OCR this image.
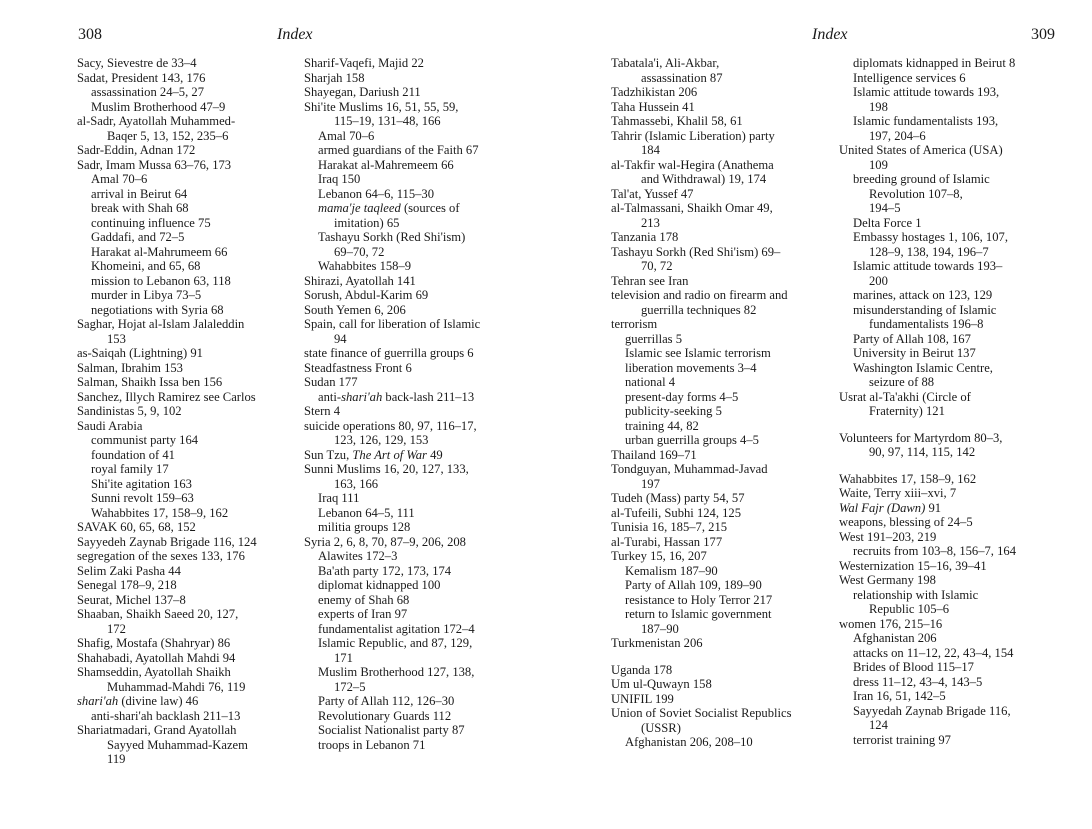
308	Index	Index	309
Sacy, Sievestre de 33–4
Sadat, President 143, 176
assassination 24–5, 27
Muslim Brotherhood 47–9
al-Sadr, Ayatollah Muhammed-
Baqer 5, 13, 152, 235–6
Sadr-Eddin, Adnan 172
Sadr, Imam Mussa 63–76, 173
Amal 70–6
arrival in Beirut 64
break with Shah 68
continuing influence 75
Gaddafi, and 72–5
Harakat al-Mahrumeem 66
Khomeini, and 65, 68
mission to Lebanon 63, 118
murder in Libya 73–5
negotiations with Syria 68
Saghar, Hojat al-Islam Jalaleddin
153
as-Saiqah (Lightning) 91
Salman, Ibrahim 153
Salman, Shaikh Issa ben 156
Sanchez, Illych Ramirez see Carlos
Sandinistas 5, 9, 102
Saudi Arabia
communist party 164
foundation of 41
royal family 17
Shi'ite agitation 163
Sunni revolt 159–63
Wahabbites 17, 158–9, 162
SAVAK 60, 65, 68, 152
Sayyedeh Zaynab Brigade 116, 124
segregation of the sexes 133, 176
Selim Zaki Pasha 44
Senegal 178–9, 218
Seurat, Michel 137–8
Shaaban, Shaikh Saeed 20, 127,
172
Shafig, Mostafa (Shahryar) 86
Shahabadi, Ayatollah Mahdi 94
Shamseddin, Ayatollah Shaikh
Muhammad-Mahdi 76, 119
shari'ah (divine law) 46
anti-shari'ah backlash 211–13
Shariatmadari, Grand Ayatollah
Sayyed Muhammad-Kazem
119
Sharif-Vaqefi, Majid 22
Sharjah 158
Shayegan, Dariush 211
Shi'ite Muslims 16, 51, 55, 59,
115–19, 131–48, 166
Amal 70–6
armed guardians of the Faith 67
Harakat al-Mahremeem 66
Iraq 150
Lebanon 64–6, 115–30
mama'je taqleed (sources of
imitation) 65
Tashayu Sorkh (Red Shi'ism)
69–70, 72
Wahabbites 158–9
Shirazi, Ayatollah 141
Sorush, Abdul-Karim 69
South Yemen 6, 206
Spain, call for liberation of Islamic
94
state finance of guerrilla groups 6
Steadfastness Front 6
Sudan 177
anti-shari'ah back-lash 211–13
Stern 4
suicide operations 80, 97, 116–17,
123, 126, 129, 153
Sun Tzu, The Art of War 49
Sunni Muslims 16, 20, 127, 133,
163, 166
Iraq 111
Lebanon 64–5, 111
militia groups 128
Syria 2, 6, 8, 70, 87–9, 206, 208
Alawites 172–3
Ba'ath party 172, 173, 174
diplomat kidnapped 100
enemy of Shah 68
experts of Iran 97
fundamentalist agitation 172–4
Islamic Republic, and 87, 129,
171
Muslim Brotherhood 127, 138,
172–5
Party of Allah 112, 126–30
Revolutionary Guards 112
Socialist Nationalist party 87
troops in Lebanon 71
Tabatala'i, Ali-Akbar,
assassination 87
Tadzhikistan 206
Taha Hussein 41
Tahmassebi, Khalil 58, 61
Tahrir (Islamic Liberation) party
184
al-Takfir wal-Hegira (Anathema
and Withdrawal) 19, 174
Tal'at, Yussef 47
al-Talmassani, Shaikh Omar 49,
213
Tanzania 178
Tashayu Sorkh (Red Shi'ism) 69–
70, 72
Tehran see Iran
television and radio on firearm and
guerrilla techniques 82
terrorism
guerrillas 5
Islamic see Islamic terrorism
liberation movements 3–4
national 4
present-day forms 4–5
publicity-seeking 5
training 44, 82
urban guerrilla groups 4–5
Thailand 169–71
Tondguyan, Muhammad-Javad
197
Tudeh (Mass) party 54, 57
al-Tufeili, Subhi 124, 125
Tunisia 16, 185–7, 215
al-Turabi, Hassan 177
Turkey 15, 16, 207
Kemalism 187–90
Party of Allah 109, 189–90
resistance to Holy Terror 217
return to Islamic government
187–90
Turkmenistan 206
Uganda 178
Um ul-Quwayn 158
UNIFIL 199
Union of Soviet Socialist Republics
(USSR)
Afghanistan 206, 208–10
diplomats kidnapped in Beirut 8
Intelligence services 6
Islamic attitude towards 193,
198
Islamic fundamentalists 193,
197, 204–6
United States of America (USA)
109
breeding ground of Islamic
Revolution 107–8,
194–5
Delta Force 1
Embassy hostages 1, 106, 107,
128–9, 138, 194, 196–7
Islamic attitude towards 193–
200
marines, attack on 123, 129
misunderstanding of Islamic
fundamentalists 196–8
Party of Allah 108, 167
University in Beirut 137
Washington Islamic Centre,
seizure of 88
Usrat al-Ta'akhi (Circle of
Fraternity) 121
Volunteers for Martyrdom 80–3,
90, 97, 114, 115, 142
Wahabbites 17, 158–9, 162
Waite, Terry xiii–xvi, 7
Wal Fajr (Dawn) 91
weapons, blessing of 24–5
West 191–203, 219
recruits from 103–8, 156–7, 164
Westernization 15–16, 39–41
West Germany 198
relationship with Islamic
Republic 105–6
women 176, 215–16
Afghanistan 206
attacks on 11–12, 22, 43–4, 154
Brides of Blood 115–17
dress 11–12, 43–4, 143–5
Iran 16, 51, 142–5
Sayyedah Zaynab Brigade 116,
124
terrorist training 97
